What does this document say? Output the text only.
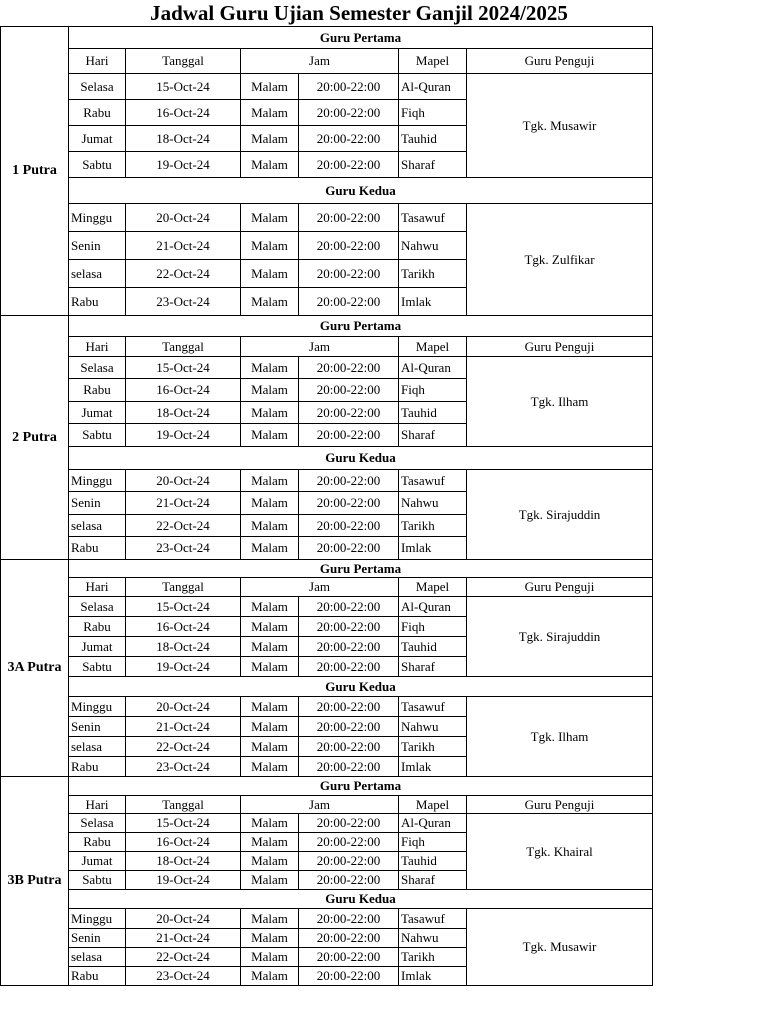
Jadwal Guru Ujian Semester Ganjil 2024/2025
1 Putra	Guru Pertama					
	Hari	Tanggal	Jam		Mapel	Guru Penguji
	Selasa	15-Oct-24	Malam	20:00-22:00	Al-Quran	Tgk. Musawir
	Rabu	16-Oct-24	Malam	20:00-22:00	Fiqh	
	Jumat	18-Oct-24	Malam	20:00-22:00	Tauhid	
	Sabtu	19-Oct-24	Malam	20:00-22:00	Sharaf	
	Guru Kedua					
	Minggu	20-Oct-24	Malam	20:00-22:00	Tasawuf	Tgk. Zulfikar
	Senin	21-Oct-24	Malam	20:00-22:00	Nahwu	
	selasa	22-Oct-24	Malam	20:00-22:00	Tarikh	
	Rabu	23-Oct-24	Malam	20:00-22:00	Imlak	
2 Putra	Guru Pertama					
	Hari	Tanggal	Jam		Mapel	Guru Penguji
	Selasa	15-Oct-24	Malam	20:00-22:00	Al-Quran	Tgk. Ilham
	Rabu	16-Oct-24	Malam	20:00-22:00	Fiqh	
	Jumat	18-Oct-24	Malam	20:00-22:00	Tauhid	
	Sabtu	19-Oct-24	Malam	20:00-22:00	Sharaf	
	Guru Kedua					
	Minggu	20-Oct-24	Malam	20:00-22:00	Tasawuf	Tgk. Sirajuddin
	Senin	21-Oct-24	Malam	20:00-22:00	Nahwu	
	selasa	22-Oct-24	Malam	20:00-22:00	Tarikh	
	Rabu	23-Oct-24	Malam	20:00-22:00	Imlak	
3A Putra	Guru Pertama					
	Hari	Tanggal	Jam		Mapel	Guru Penguji
	Selasa	15-Oct-24	Malam	20:00-22:00	Al-Quran	Tgk. Sirajuddin
	Rabu	16-Oct-24	Malam	20:00-22:00	Fiqh	
	Jumat	18-Oct-24	Malam	20:00-22:00	Tauhid	
	Sabtu	19-Oct-24	Malam	20:00-22:00	Sharaf	
	Guru Kedua					
	Minggu	20-Oct-24	Malam	20:00-22:00	Tasawuf	Tgk. Ilham
	Senin	21-Oct-24	Malam	20:00-22:00	Nahwu	
	selasa	22-Oct-24	Malam	20:00-22:00	Tarikh	
	Rabu	23-Oct-24	Malam	20:00-22:00	Imlak	
3B Putra	Guru Pertama					
	Hari	Tanggal	Jam		Mapel	Guru Penguji
	Selasa	15-Oct-24	Malam	20:00-22:00	Al-Quran	Tgk. Khairal
	Rabu	16-Oct-24	Malam	20:00-22:00	Fiqh	
	Jumat	18-Oct-24	Malam	20:00-22:00	Tauhid	
	Sabtu	19-Oct-24	Malam	20:00-22:00	Sharaf	
	Guru Kedua					
	Minggu	20-Oct-24	Malam	20:00-22:00	Tasawuf	Tgk. Musawir
	Senin	21-Oct-24	Malam	20:00-22:00	Nahwu	
	selasa	22-Oct-24	Malam	20:00-22:00	Tarikh	
	Rabu	23-Oct-24	Malam	20:00-22:00	Imlak	
